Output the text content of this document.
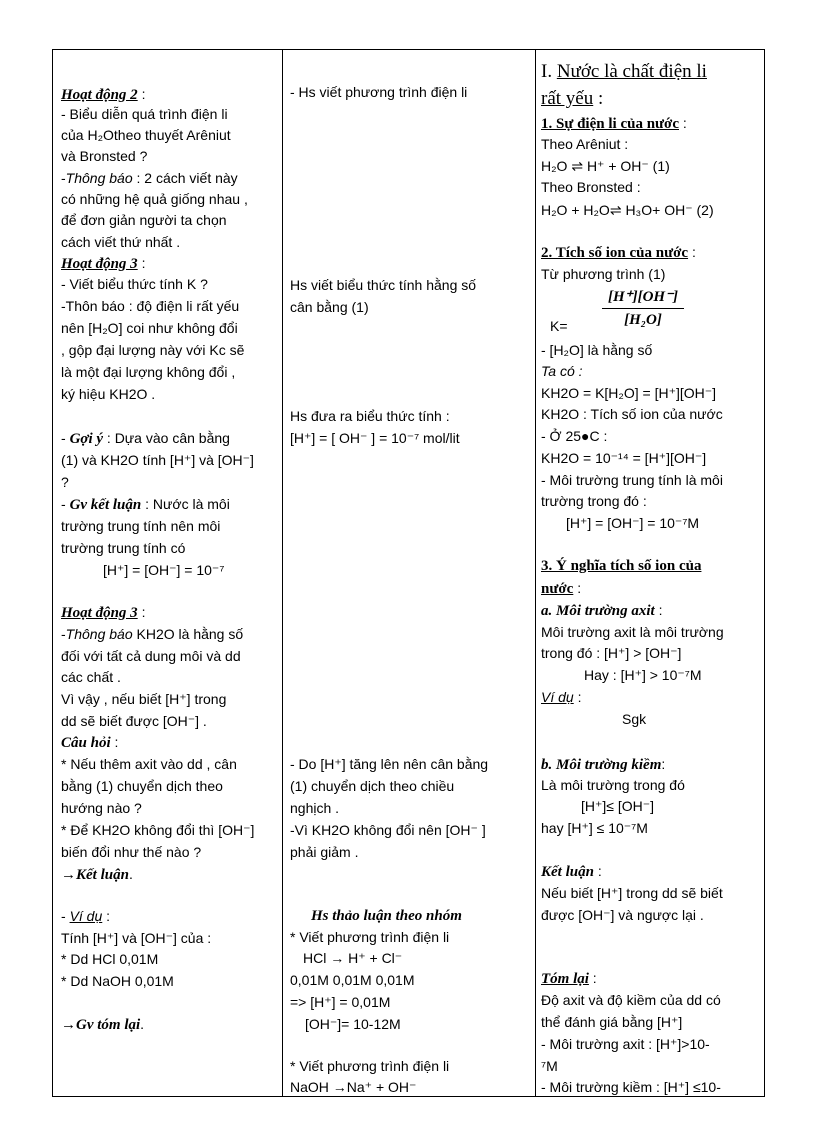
Hoạt động 2 :
- Biểu diễn quá trình điện li
của H₂Otheo thuyết Arêniut
và Bronsted ?
-Thông báo : 2 cách viết này
có những hệ quả giống nhau ,
để đơn giản người ta chọn
cách viết thứ nhất .
Hoạt động 3 :
- Viết biểu thức tính K ?
-Thôn báo : độ điện li rất yếu
nên [H₂O] coi như không đổi
, gộp đại lượng này với Kc sẽ
là một đại lượng không đổi ,
ký hiệu KH2O .
- Gợi ý : Dựa vào cân bằng
(1) và KH2O tính [H⁺] và [OH⁻]
?
- Gv kết luận : Nước là môi
trường trung tính nên môi
trường trung tính có
[H⁺] = [OH⁻] = 10⁻⁷
Hoạt động 3 :
-Thông báo KH2O là hằng số
đối với tất cả dung môi và dd
các chất .
Vì vậy , nếu biết [H⁺] trong
dd sẽ biết được [OH⁻] .
Câu hỏi :
* Nếu thêm axit vào dd , cân
bằng (1) chuyển dịch theo
hướng nào ?
* Để KH2O không đổi thì [OH⁻]
biến đổi như thế nào ?
→Kết luận.
- Ví dụ :
Tính [H⁺] và [OH⁻] của :
* Dd HCl 0,01M
* Dd NaOH 0,01M
→Gv tóm lại.
- Hs viết phương trình điện li
Hs viết biểu thức tính hằng số
cân bằng (1)
Hs đưa ra biểu thức tính :
[H⁺] = [ OH⁻ ] = 10⁻⁷ mol/lit
- Do [H⁺] tăng lên nên cân bằng
(1) chuyển dịch theo chiều
nghịch .
-Vì KH2O không đổi nên [OH⁻ ]
phải giảm .
Hs thảo luận theo nhóm
* Viết phương trình điện li
HCl → H⁺ + Cl⁻
0,01M 0,01M 0,01M
=> [H⁺] = 0,01M
[OH⁻]= 10-12M
* Viết phương trình điện li
NaOH →Na⁺ + OH⁻
I. Nước là chất điện li
rất yếu :
1. Sự điện li của nước :
Theo Arêniut :
H₂O ⇌ H⁺ + OH⁻ (1)
Theo Bronsted :
H₂O + H₂O⇌ H₃O+ OH⁻ (2)
2. Tích số ion của nước :
Từ phương trình (1)
[H⁺][OH⁻]
[H₂O]
K=
- [H₂O] là hằng số
Ta có :
KH2O = K[H₂O] = [H⁺][OH⁻]
KH2O : Tích số ion của nước
- Ở 25●C :
KH2O = 10⁻¹⁴ = [H⁺][OH⁻]
- Môi trường trung tính là môi
trường trong đó :
[H⁺] = [OH⁻] = 10⁻⁷M
3. Ý nghĩa tích số ion của
nước :
a. Môi trường axit :
Môi trường axit là môi trường
trong đó : [H⁺] > [OH⁻]
Hay : [H⁺] > 10⁻⁷M
Ví dụ :
Sgk
b. Môi trường kiềm:
Là môi trường trong đó
[H⁺]≤ [OH⁻]
hay [H⁺] ≤ 10⁻⁷M
Kết luận :
Nếu biết [H⁺] trong dd sẽ biết
được [OH⁻] và ngược lại .
Tóm lại :
Độ axit và độ kiềm của dd có
thể đánh giá bằng [H⁺]
- Môi trường axit : [H⁺]>10-
⁷M
- Môi trường kiềm : [H⁺] ≤10-
